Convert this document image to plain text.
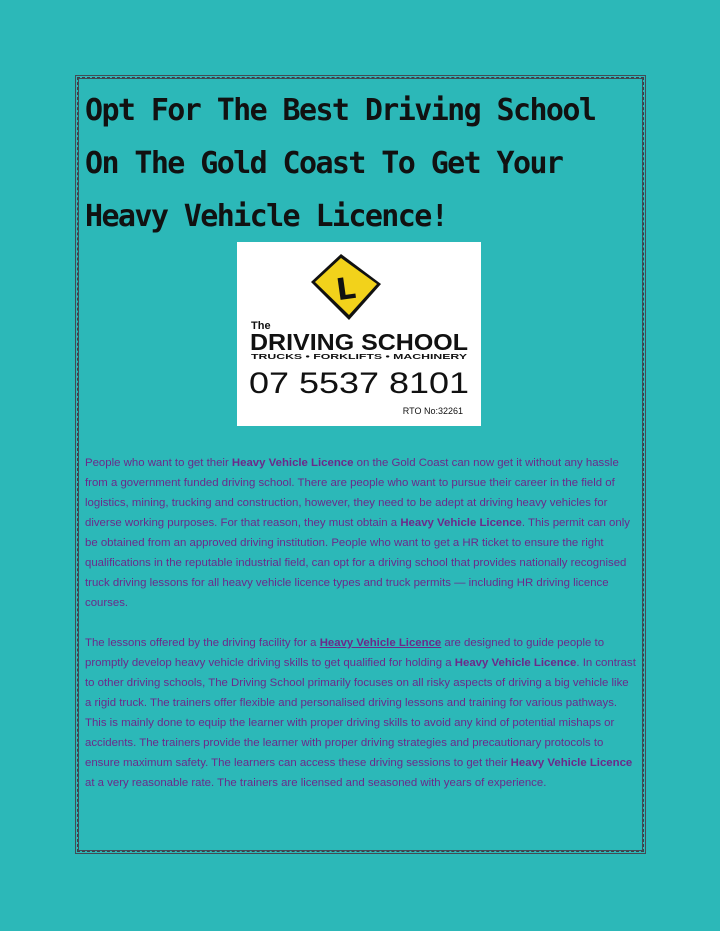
Opt For The Best Driving School
On The Gold Coast To Get Your
Heavy Vehicle Licence!
L
The
DRIVING SCHOOL
TRUCKS • FORKLIFTS • MACHINERY
07 5537 8101
RTO No:32261

People who want to get their Heavy Vehicle Licence on the Gold Coast can now get it without any hassle from a government funded driving school. There are people who want to pursue their career in the field of logistics, mining, trucking and construction, however, they need to be adept at driving heavy vehicles for diverse working purposes. For that reason, they must obtain a Heavy Vehicle Licence. This permit can only be obtained from an approved driving institution. People who want to get a HR ticket to ensure the right qualifications in the reputable industrial field, can opt for a driving school that provides nationally recognised truck driving lessons for all heavy vehicle licence types and truck permits — including HR driving licence courses.

The lessons offered by the driving facility for a Heavy Vehicle Licence are designed to guide people to promptly develop heavy vehicle driving skills to get qualified for holding a Heavy Vehicle Licence. In contrast to other driving schools, The Driving School primarily focuses on all risky aspects of driving a big vehicle like a rigid truck. The trainers offer flexible and personalised driving lessons and training for various pathways. This is mainly done to equip the learner with proper driving skills to avoid any kind of potential mishaps or accidents. The trainers provide the learner with proper driving strategies and precautionary protocols to ensure maximum safety. The learners can access these driving sessions to get their Heavy Vehicle Licence at a very reasonable rate. The trainers are licensed and seasoned with years of experience.
